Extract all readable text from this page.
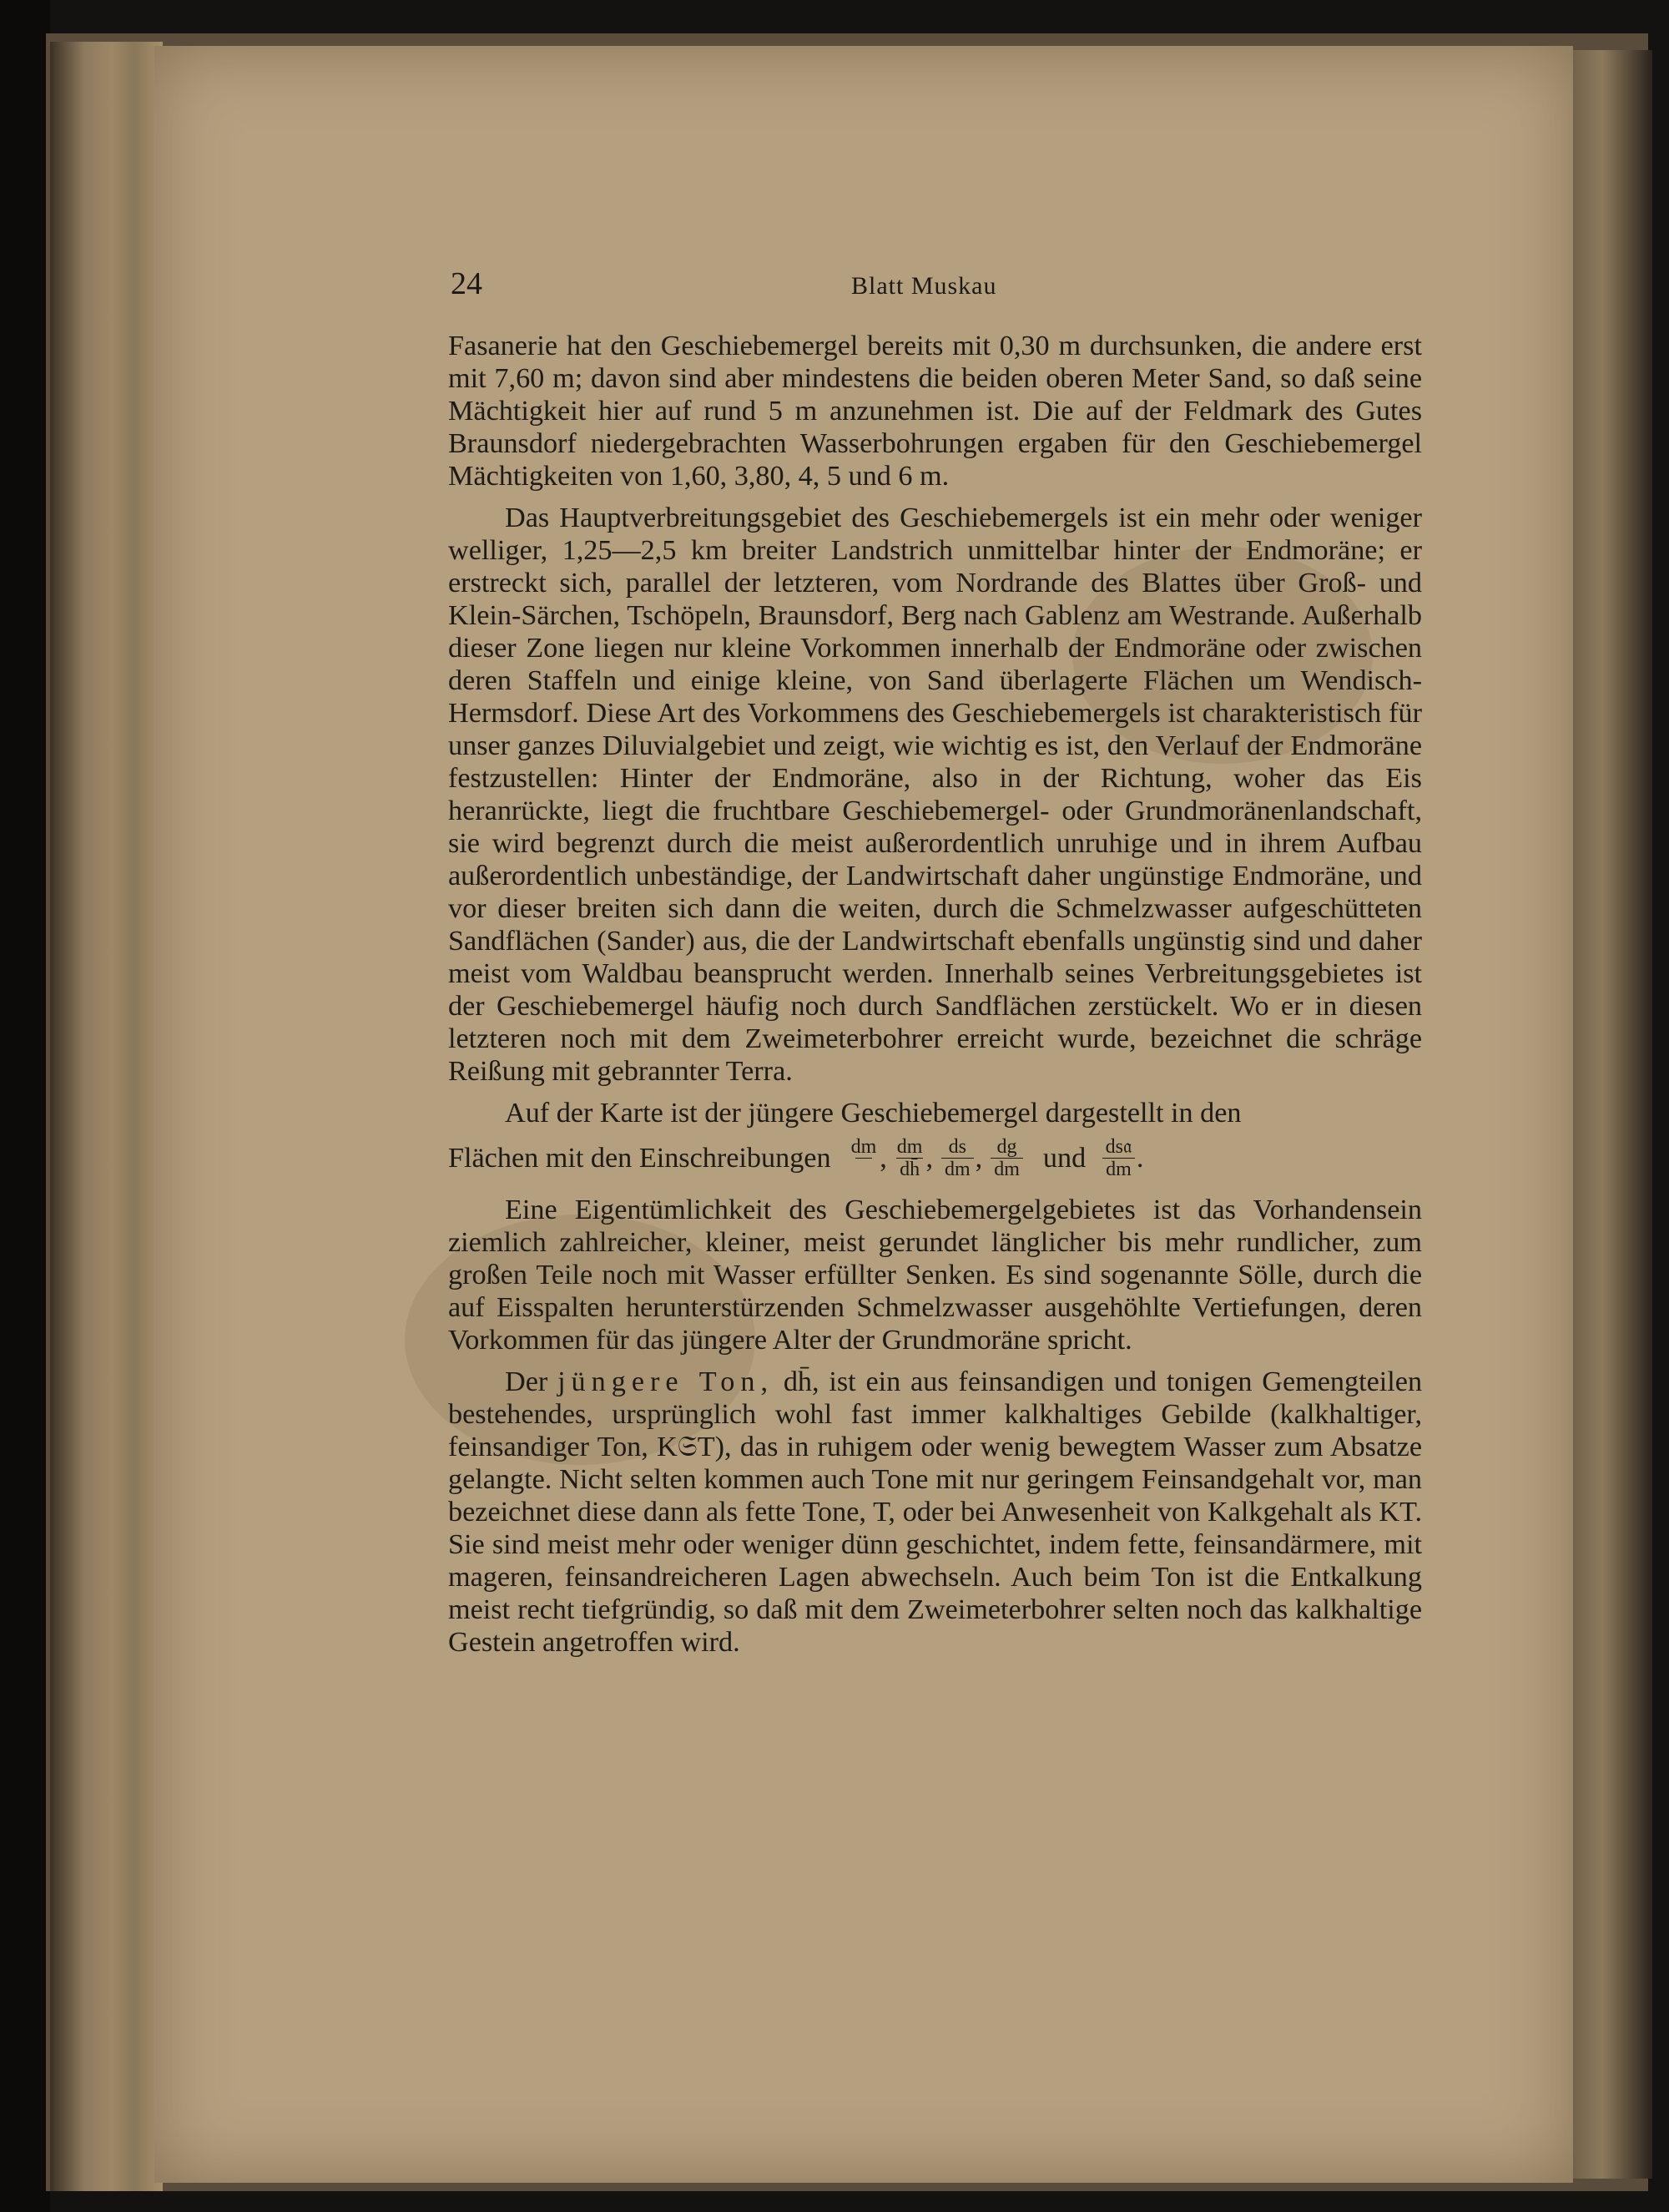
24	Blatt Muskau

Fasanerie hat den Geschiebemergel bereits mit 0,30 m durchsunken, die andere erst mit 7,60 m; davon sind aber mindestens die beiden oberen Meter Sand, so daß seine Mächtigkeit hier auf rund 5 m anzunehmen ist. Die auf der Feldmark des Gutes Braunsdorf niedergebrachten Wasserbohrungen ergaben für den Geschiebemergel Mächtigkeiten von 1,60, 3,80, 4, 5 und 6 m.

Das Hauptverbreitungsgebiet des Geschiebemergels ist ein mehr oder weniger welliger, 1,25—2,5 km breiter Landstrich unmittelbar hinter der Endmoräne; er erstreckt sich, parallel der letzteren, vom Nordrande des Blattes über Groß- und Klein-Särchen, Tschöpeln, Braunsdorf, Berg nach Gablenz am Westrande. Außerhalb dieser Zone liegen nur kleine Vorkommen innerhalb der Endmoräne oder zwischen deren Staffeln und einige kleine, von Sand überlagerte Flächen um Wendisch-Hermsdorf. Diese Art des Vorkommens des Geschiebemergels ist charakteristisch für unser ganzes Diluvialgebiet und zeigt, wie wichtig es ist, den Verlauf der Endmoräne festzustellen: Hinter der Endmoräne, also in der Richtung, woher das Eis heranrückte, liegt die fruchtbare Geschiebemergel- oder Grundmoränenlandschaft, sie wird begrenzt durch die meist außerordentlich unruhige und in ihrem Aufbau außerordentlich unbeständige, der Landwirtschaft daher ungünstige Endmoräne, und vor dieser breiten sich dann die weiten, durch die Schmelzwasser aufgeschütteten Sandflächen (Sander) aus, die der Landwirtschaft ebenfalls ungünstig sind und daher meist vom Waldbau beansprucht werden. Innerhalb seines Verbreitungsgebietes ist der Geschiebemergel häufig noch durch Sandflächen zerstückelt. Wo er in diesen letzteren noch mit dem Zweimeterbohrer erreicht wurde, bezeichnet die schräge Reißung mit gebrannter Terra.

Auf der Karte ist der jüngere Geschiebemergel dargestellt in den

Flächen mit den Einschreibungen dm , $\frac{dm}{dh̄}$ , $\frac{ds}{dm}$ , $\frac{dg}{dm}$ und $\frac{\text{ds𝔞}}{dm}$ .

Eine Eigentümlichkeit des Geschiebemergelgebietes ist das Vorhandensein ziemlich zahlreicher, kleiner, meist gerundet länglicher bis mehr rundlicher, zum großen Teile noch mit Wasser erfüllter Senken. Es sind sogenannte Sölle, durch die auf Eisspalten herunterstürzenden Schmelzwasser ausgehöhlte Vertiefungen, deren Vorkommen für das jüngere Alter der Grundmoräne spricht.

Der jüngere Ton, dh̄, ist ein aus feinsandigen und tonigen Gemengteilen bestehendes, ursprünglich wohl fast immer kalkhaltiges Gebilde (kalkhaltiger, feinsandiger Ton, K𝔖T), das in ruhigem oder wenig bewegtem Wasser zum Absatze gelangte. Nicht selten kommen auch Tone mit nur geringem Feinsandgehalt vor, man bezeichnet diese dann als fette Tone, T, oder bei Anwesenheit von Kalkgehalt als KT. Sie sind meist mehr oder weniger dünn geschichtet, indem fette, feinsandärmere, mit mageren, feinsandreicheren Lagen abwechseln. Auch beim Ton ist die Entkalkung meist recht tiefgründig, so daß mit dem Zweimeterbohrer selten noch das kalkhaltige Gestein angetroffen wird.
